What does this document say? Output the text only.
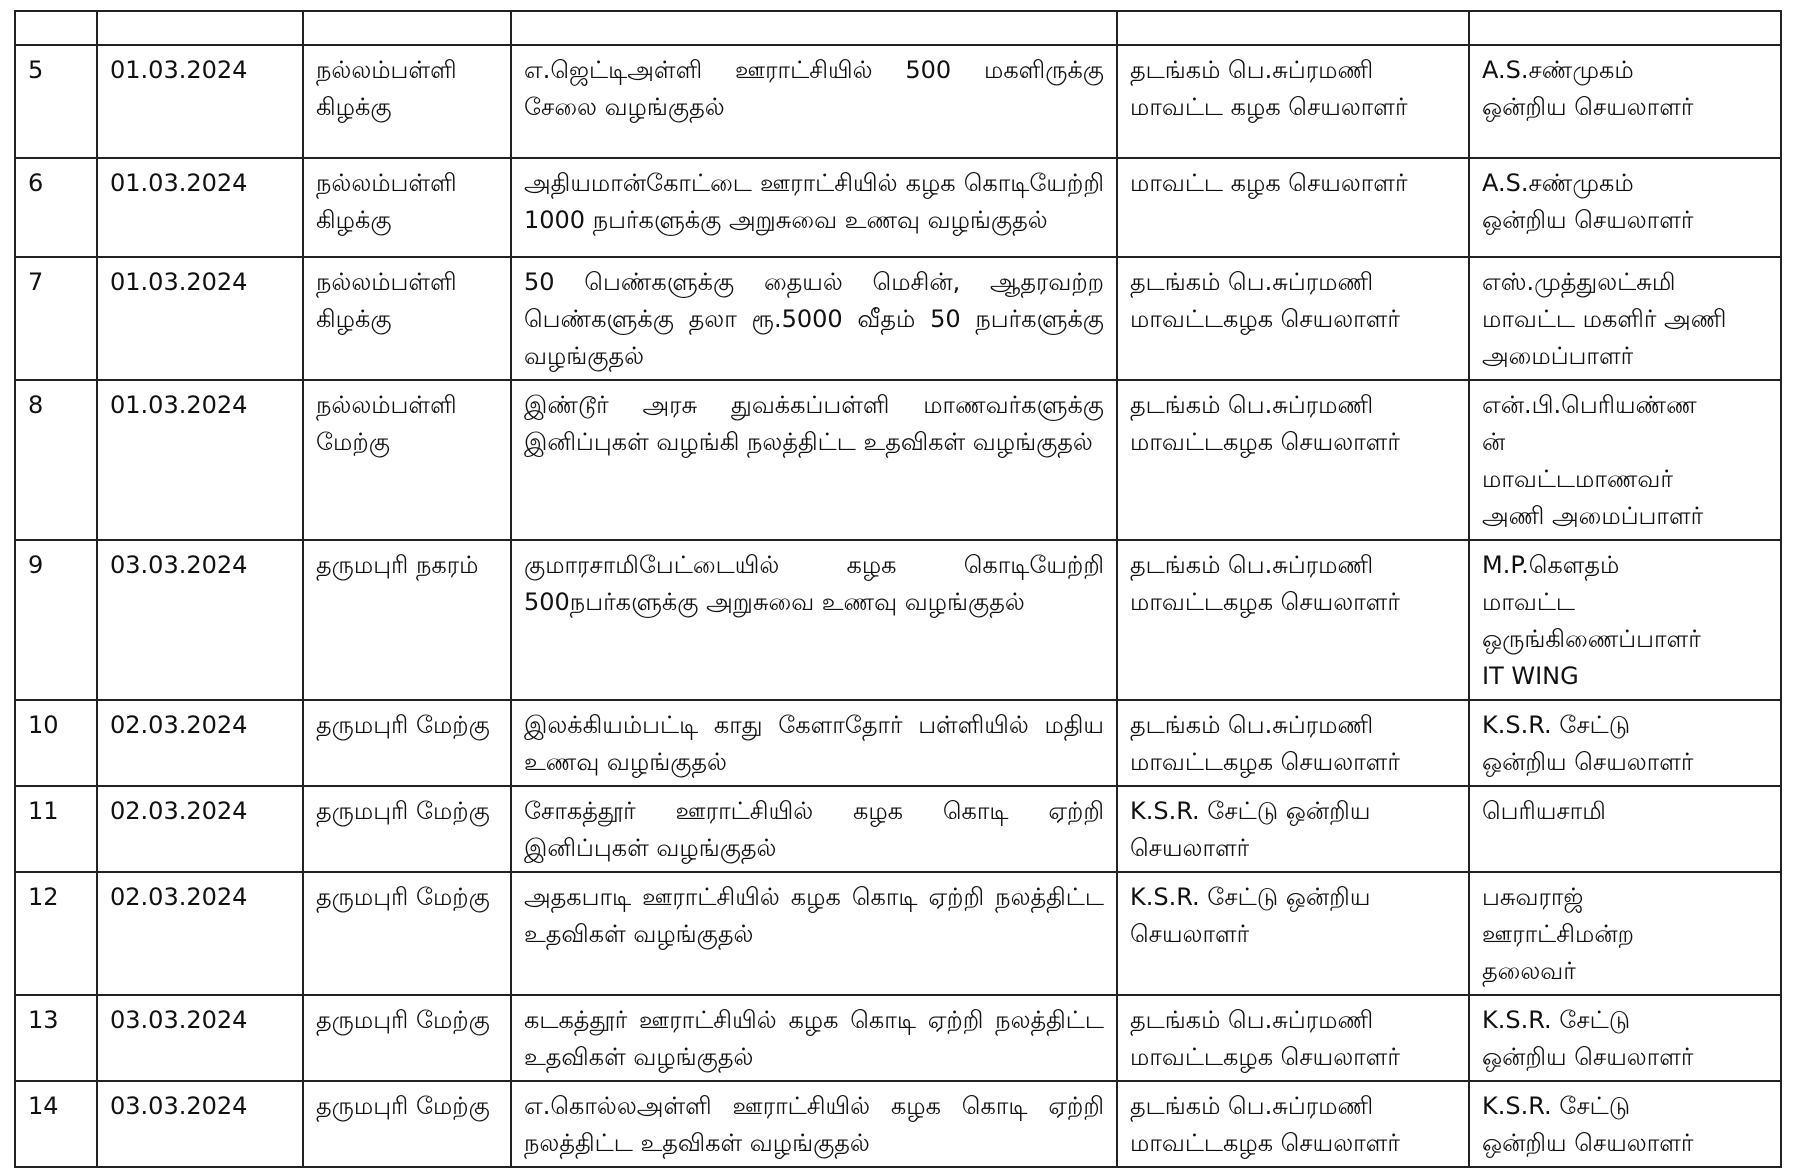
5	01.03.2024	நல்லம்பள்ளி கிழக்கு	எ.ஜெட்டிஅள்ளி ஊராட்சியில் 500 மகளிருக்கு சேலை வழங்குதல்	தடங்கம் பெ.சுப்ரமணி மாவட்ட கழக செயலாளர்	A.S.சண்முகம்
ஒன்றிய செயலாளர்

6	01.03.2024	நல்லம்பள்ளி கிழக்கு	அதியமான்கோட்டை ஊராட்சியில் கழக கொடியேற்றி 1000 நபர்களுக்கு அறுசுவை உணவு வழங்குதல்	மாவட்ட கழக செயலாளர்	A.S.சண்முகம்
ஒன்றிய செயலாளர்

7	01.03.2024	நல்லம்பள்ளி கிழக்கு	50 பெண்களுக்கு தையல் மெசின், ஆதரவற்ற பெண்களுக்கு தலா ரூ.5000 வீதம் 50 நபர்களுக்கு வழங்குதல்	தடங்கம் பெ.சுப்ரமணி மாவட்டகழக செயலாளர்	எஸ்.முத்துலட்சுமி
மாவட்ட மகளிர் அணி
அமைப்பாளர்

8	01.03.2024	நல்லம்பள்ளி மேற்கு	இண்டூர் அரசு துவக்கப்பள்ளி மாணவர்களுக்கு இனிப்புகள் வழங்கி நலத்திட்ட உதவிகள் வழங்குதல்	தடங்கம் பெ.சுப்ரமணி மாவட்டகழக செயலாளர்	என்.பி.பெரியண்ண
ன்
மாவட்டமாணவர்
அணி அமைப்பாளர்

9	03.03.2024	தருமபுரி நகரம்	குமாரசாமிபேட்டையில் கழக கொடியேற்றி 500நபர்களுக்கு அறுசுவை உணவு வழங்குதல்	தடங்கம் பெ.சுப்ரமணி மாவட்டகழக செயலாளர்	M.P.கௌதம்
மாவட்ட
ஒருங்கிணைப்பாளர்
IT WING

10	02.03.2024	தருமபுரி மேற்கு	இலக்கியம்பட்டி காது கேளாதோர் பள்ளியில் மதிய உணவு வழங்குதல்	தடங்கம் பெ.சுப்ரமணி மாவட்டகழக செயலாளர்	K.S.R. சேட்டு
ஒன்றிய செயலாளர்

11	02.03.2024	தருமபுரி மேற்கு	சோகத்தூர் ஊராட்சியில் கழக கொடி ஏற்றி இனிப்புகள் வழங்குதல்	K.S.R. சேட்டு ஒன்றிய செயலாளர்	பெரியசாமி

12	02.03.2024	தருமபுரி மேற்கு	அதகபாடி ஊராட்சியில் கழக கொடி ஏற்றி நலத்திட்ட உதவிகள் வழங்குதல்	K.S.R. சேட்டு ஒன்றிய செயலாளர்	பசுவராஜ்
ஊராட்சிமன்ற
தலைவர்

13	03.03.2024	தருமபுரி மேற்கு	கடகத்தூர் ஊராட்சியில் கழக கொடி ஏற்றி நலத்திட்ட உதவிகள் வழங்குதல்	தடங்கம் பெ.சுப்ரமணி மாவட்டகழக செயலாளர்	K.S.R. சேட்டு
ஒன்றிய செயலாளர்

14	03.03.2024	தருமபுரி மேற்கு	எ.கொல்லஅள்ளி ஊராட்சியில் கழக கொடி ஏற்றி நலத்திட்ட உதவிகள் வழங்குதல்	தடங்கம் பெ.சுப்ரமணி மாவட்டகழக செயலாளர்	K.S.R. சேட்டு
ஒன்றிய செயலாளர்
